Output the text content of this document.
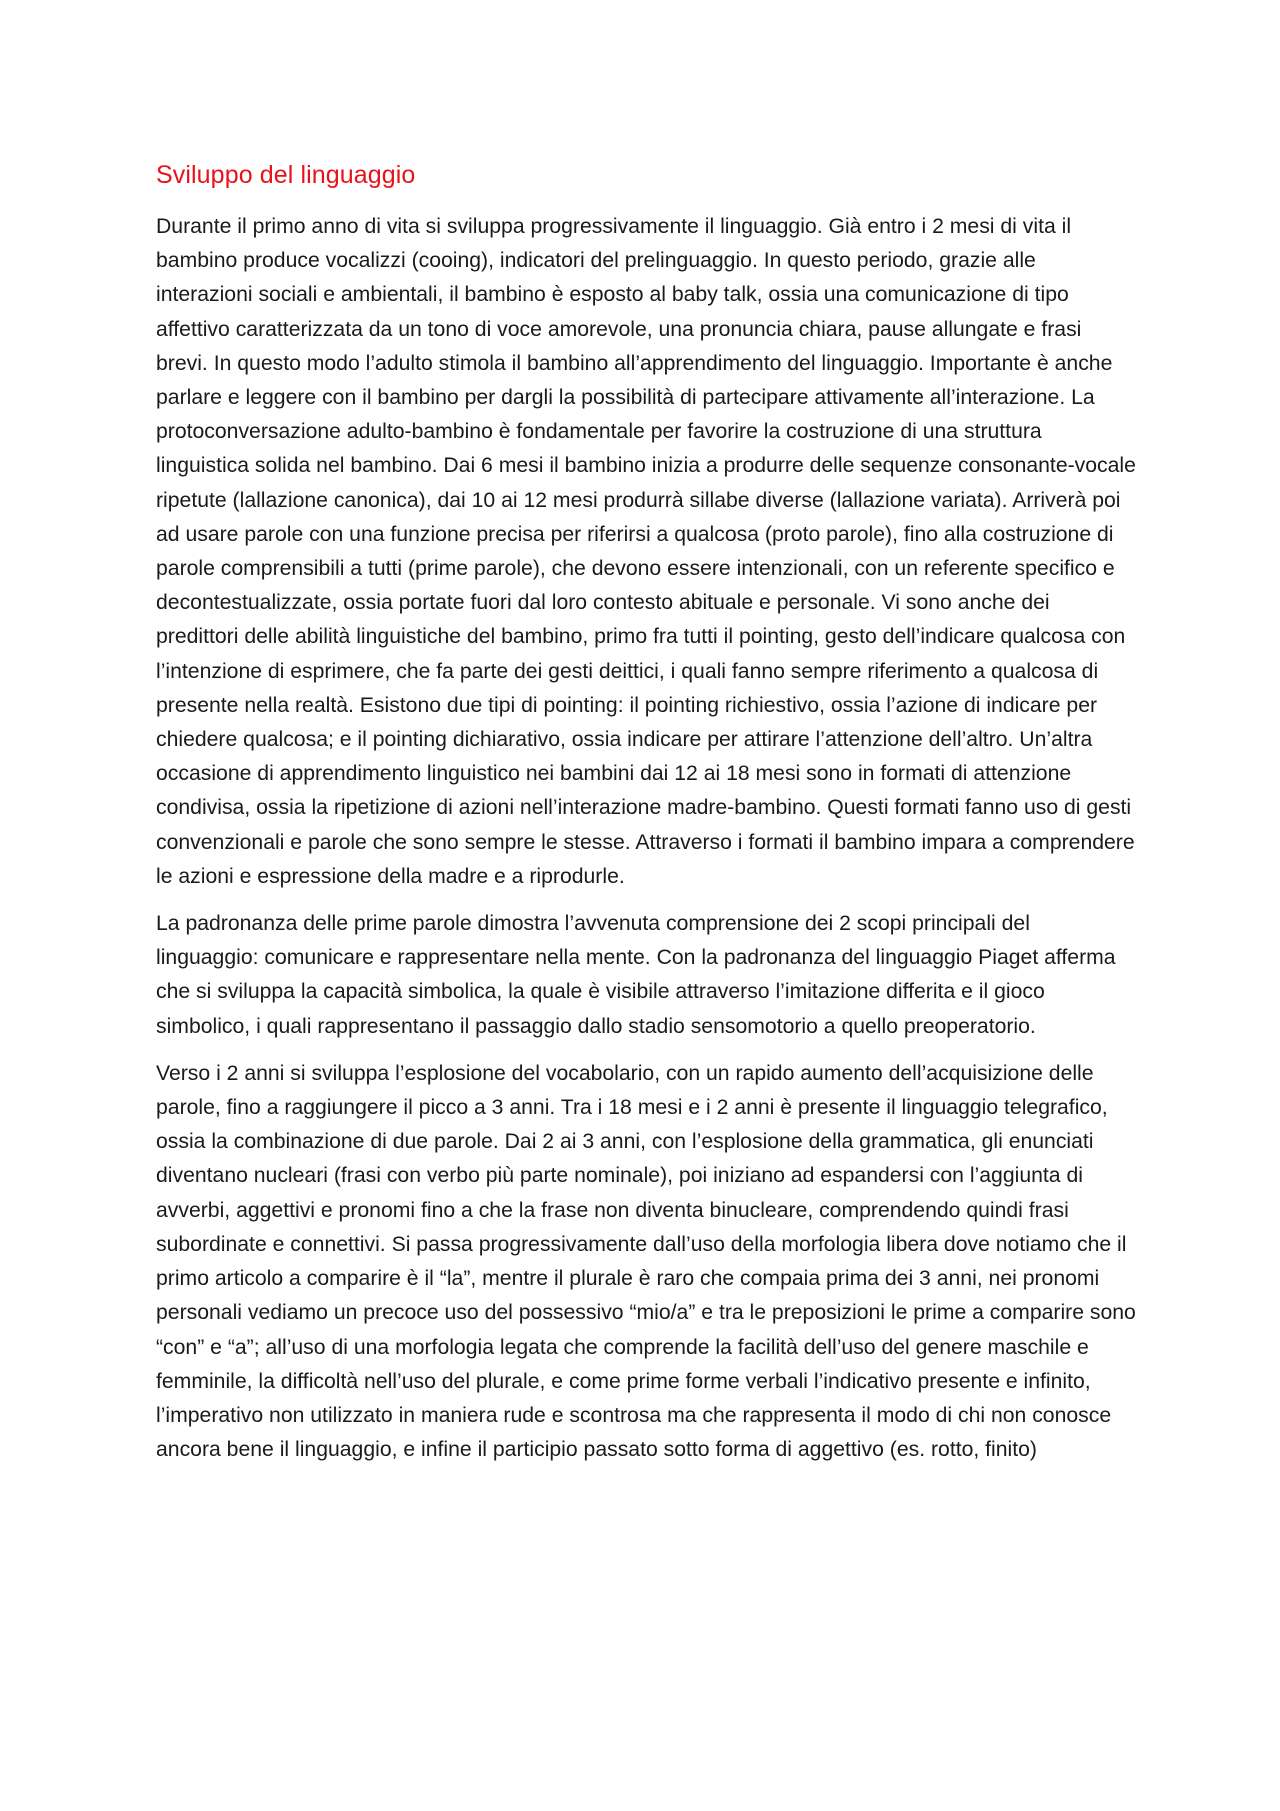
Sviluppo del linguaggio

Durante il primo anno di vita si sviluppa progressivamente il linguaggio. Già entro i 2 mesi di vita il bambino produce vocalizzi (cooing), indicatori del prelinguaggio. In questo periodo, grazie alle interazioni sociali e ambientali, il bambino è esposto al baby talk, ossia una comunicazione di tipo affettivo caratterizzata da un tono di voce amorevole, una pronuncia chiara, pause allungate e frasi brevi. In questo modo l’adulto stimola il bambino all’apprendimento del linguaggio. Importante è anche parlare e leggere con il bambino per dargli la possibilità di partecipare attivamente all’interazione. La protoconversazione adulto-bambino è fondamentale per favorire la costruzione di una struttura linguistica solida nel bambino. Dai 6 mesi il bambino inizia a produrre delle sequenze consonante-vocale ripetute (lallazione canonica), dai 10 ai 12 mesi produrrà sillabe diverse (lallazione variata). Arriverà poi ad usare parole con una funzione precisa per riferirsi a qualcosa (proto parole), fino alla costruzione di parole comprensibili a tutti (prime parole), che devono essere intenzionali, con un referente specifico e decontestualizzate, ossia portate fuori dal loro contesto abituale e personale. Vi sono anche dei predittori delle abilità linguistiche del bambino, primo fra tutti il pointing, gesto dell’indicare qualcosa con l’intenzione di esprimere, che fa parte dei gesti deittici, i quali fanno sempre riferimento a qualcosa di presente nella realtà. Esistono due tipi di pointing: il pointing richiestivo, ossia l’azione di indicare per chiedere qualcosa; e il pointing dichiarativo, ossia indicare per attirare l’attenzione dell’altro. Un’altra occasione di apprendimento linguistico nei bambini dai 12 ai 18 mesi sono in formati di attenzione condivisa, ossia la ripetizione di azioni nell’interazione madre-bambino. Questi formati fanno uso di gesti convenzionali e parole che sono sempre le stesse. Attraverso i formati il bambino impara a comprendere le azioni e espressione della madre e a riprodurle.

La padronanza delle prime parole dimostra l’avvenuta comprensione dei 2 scopi principali del linguaggio: comunicare e rappresentare nella mente. Con la padronanza del linguaggio Piaget afferma che si sviluppa la capacità simbolica, la quale è visibile attraverso l’imitazione differita e il gioco simbolico, i quali rappresentano il passaggio dallo stadio sensomotorio a quello preoperatorio.

Verso i 2 anni si sviluppa l’esplosione del vocabolario, con un rapido aumento dell’acquisizione delle parole, fino a raggiungere il picco a 3 anni. Tra i 18 mesi e i 2 anni è presente il linguaggio telegrafico, ossia la combinazione di due parole. Dai 2 ai 3 anni, con l’esplosione della grammatica, gli enunciati diventano nucleari (frasi con verbo più parte nominale), poi iniziano ad espandersi con l’aggiunta di avverbi, aggettivi e pronomi fino a che la frase non diventa binucleare, comprendendo quindi frasi subordinate e connettivi. Si passa progressivamente dall’uso della morfologia libera dove notiamo che il primo articolo a comparire è il “la”, mentre il plurale è raro che compaia prima dei 3 anni, nei pronomi personali vediamo un precoce uso del possessivo “mio/a” e tra le preposizioni le prime a comparire sono “con” e “a”; all’uso di una morfologia legata che comprende la facilità dell’uso del genere maschile e femminile, la difficoltà nell’uso del plurale, e come prime forme verbali l’indicativo presente e infinito, l’imperativo non utilizzato in maniera rude e scontrosa ma che rappresenta il modo di chi non conosce ancora bene il linguaggio, e infine il participio passato sotto forma di aggettivo (es. rotto, finito)
